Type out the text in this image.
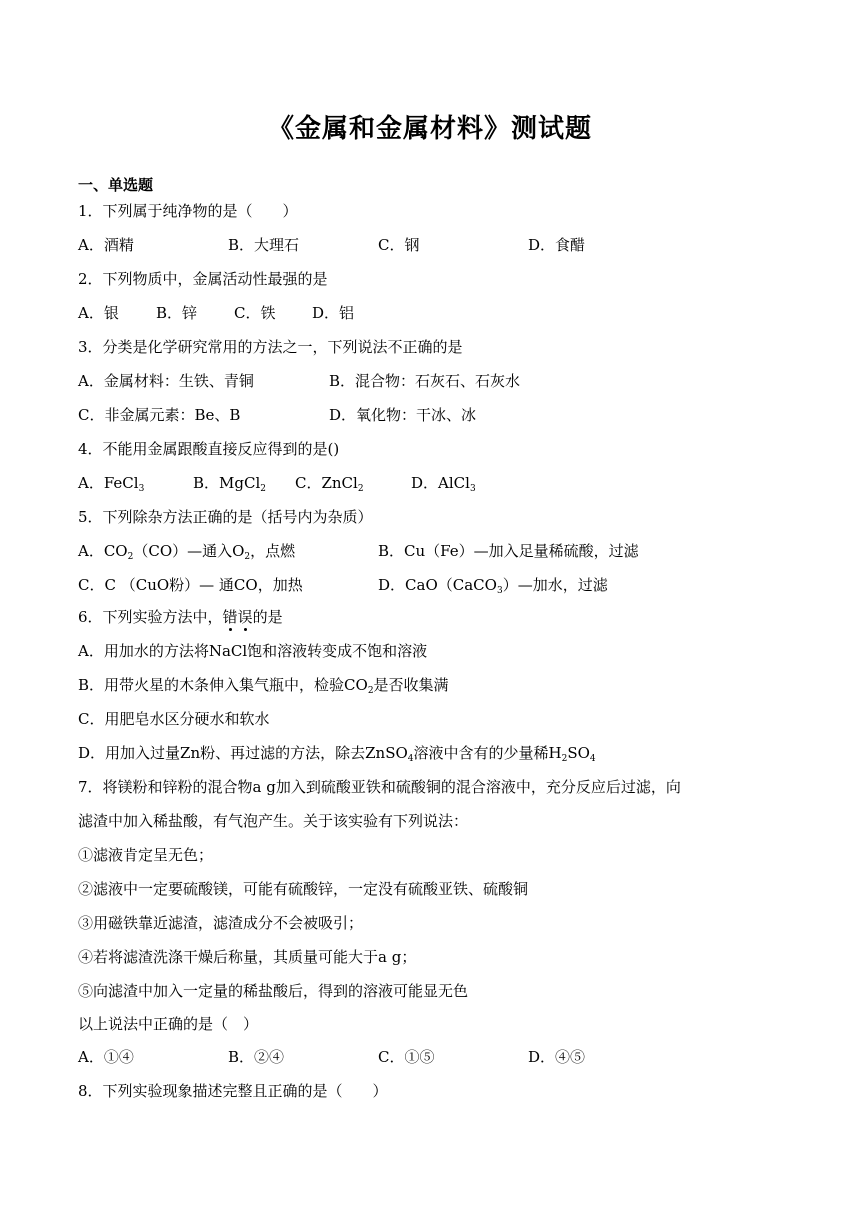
《金属和金属材料》测试题
一、单选题
1．下列属于纯净物的是（　　）
A．酒精	B．大理石	C．钢	D．食醋
2．下列物质中，金属活动性最强的是
A．银 B．锌 C．铁 D．铝
3．分类是化学研究常用的方法之一，下列说法不正确的是
A．金属材料：生铁、青铜	B．混合物：石灰石、石灰水
C．非金属元素：Be、B	D．氧化物：干冰、冰
4．不能用金属跟酸直接反应得到的是()
A．FeCl$_3$	B．MgCl$_2$ C．ZnCl$_2$	D．AlCl$_3$
5．下列除杂方法正确的是（括号内为杂质）
A．$CO_2(CO)—$通入$O_2$，点燃	B．Cu（Fe）—加入足量稀硫酸，过滤
C．C （CuO粉）— 通CO，加热	D．CaO（CaCO$_3$）—加水，过滤
6．下列实验方法中，错误的是
A．用加水的方法将NaCl饱和溶液转变成不饱和溶液
B．用带火星的木条伸入集气瓶中，检验$CO_2$是否收集满
C．用肥皂水区分硬水和软水
D．用加入过量Zn粉、再过滤的方法，除去ZnSO$_4$溶液中含有的少量稀$H_2SO_4$
7．将镁粉和锌粉的混合物a g加入到硫酸亚铁和硫酸铜的混合溶液中，充分反应后过滤，向
滤渣中加入稀盐酸，有气泡产生。关于该实验有下列说法：
①滤液肯定呈无色；
②滤液中一定要硫酸镁，可能有硫酸锌，一定没有硫酸亚铁、硫酸铜
③用磁铁靠近滤渣，滤渣成分不会被吸引；
④若将滤渣洗涤干燥后称量，其质量可能大于a g；
⑤向滤渣中加入一定量的稀盐酸后，得到的溶液可能显无色
以上说法中正确的是（　）
A．①④	B．②④	C．①⑤	D．④⑤
8．下列实验现象描述完整且正确的是（　　）
